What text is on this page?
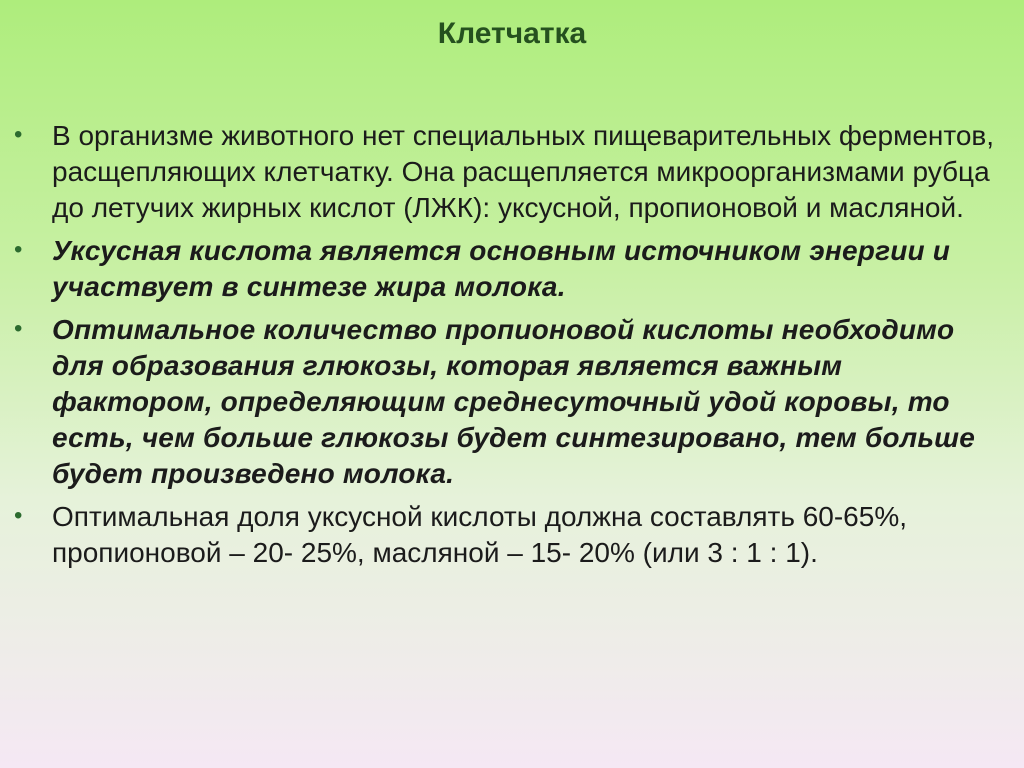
Клетчатка
• В организме животного нет специальных пищеварительных ферментов, расщепляющих клетчатку. Она расщепляется микроорганизмами рубца до летучих жирных кислот (ЛЖК): уксусной, пропионовой и масляной.
• Уксусная кислота является основным источником энергии и участвует в синтезе жира молока.
• Оптимальное количество пропионовой кислоты необходимо для образования глюкозы, которая является важным фактором, определяющим среднесуточный удой коровы, то есть, чем больше глюкозы будет синтезировано, тем больше будет произведено молока.
• Оптимальная доля уксусной кислоты должна составлять 60-65%, пропионовой – 20- 25%, масляной – 15- 20% (или 3 : 1 : 1).
